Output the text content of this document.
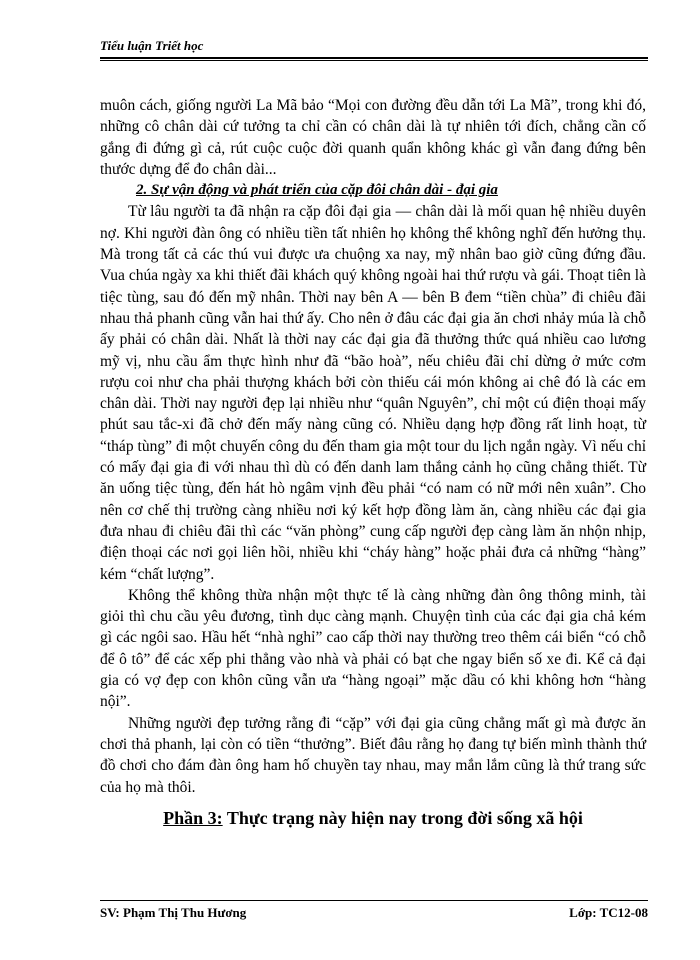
Tiểu luận Triết học

muôn cách, giống người La Mã bảo “Mọi con đường đều dẫn tới La Mã”, trong khi đó, những cô chân dài cứ tưởng ta chỉ cần có chân dài là tự nhiên tới đích, chẳng cần cố gắng đi đứng gì cả, rút cuộc cuộc đời quanh quẩn không khác gì vẫn đang đứng bên thước dựng để đo chân dài...

2. Sự vận động và phát triển của cặp đôi chân dài - đại gia

Từ lâu người ta đã nhận ra cặp đôi đại gia — chân dài là mối quan hệ nhiều duyên nợ. Khi người đàn ông có nhiều tiền tất nhiên họ không thể không nghĩ đến hưởng thụ. Mà trong tất cả các thú vui được ưa chuộng xa nay, mỹ nhân bao giờ cũng đứng đầu. Vua chúa ngày xa khi thiết đãi khách quý không ngoài hai thứ rượu và gái. Thoạt tiên là tiệc tùng, sau đó đến mỹ nhân. Thời nay bên A — bên B đem “tiền chùa” đi chiêu đãi nhau thả phanh cũng vẫn hai thứ ấy. Cho nên ở đâu các đại gia ăn chơi nhảy múa là chỗ ấy phải có chân dài. Nhất là thời nay các đại gia đã thưởng thức quá nhiều cao lương mỹ vị, nhu cầu ẩm thực hình như đã “bão hoà”, nếu chiêu đãi chỉ dừng ở mức cơm rượu coi như cha phải thượng khách bởi còn thiếu cái món không ai chê đó là các em chân dài. Thời nay người đẹp lại nhiều như “quân Nguyên”, chỉ một cú điện thoại mấy phút sau tắc-xi đã chở đến mấy nàng cũng có. Nhiều dạng hợp đồng rất linh hoạt, từ “tháp tùng” đi một chuyến công du đến tham gia một tour du lịch ngắn ngày. Vì nếu chỉ có mấy đại gia đi với nhau thì dù có đến danh lam thắng cảnh họ cũng chẳng thiết. Từ ăn uống tiệc tùng, đến hát hò ngâm vịnh đều phải “có nam có nữ mới nên xuân”. Cho nên cơ chế thị trường càng nhiều nơi ký kết hợp đồng làm ăn, càng nhiều các đại gia đưa nhau đi chiêu đãi thì các “văn phòng” cung cấp người đẹp càng làm ăn nhộn nhịp, điện thoại các nơi gọi liên hồi, nhiều khi “cháy hàng” hoặc phải đưa cả những “hàng” kém “chất lượng”.

Không thể không thừa nhận một thực tế là càng những đàn ông thông minh, tài giỏi thì chu cầu yêu đương, tình dục càng mạnh. Chuyện tình của các đại gia chả kém gì các ngôi sao. Hầu hết “nhà nghỉ” cao cấp thời nay thường treo thêm cái biển “có chỗ để ô tô” để các xếp phi thẳng vào nhà và phải có bạt che ngay biển số xe đi. Kể cả đại gia có vợ đẹp con khôn cũng vẫn ưa “hàng ngoại” mặc dầu có khi không hơn “hàng nội”.

Những người đẹp tưởng rằng đi “cặp” với đại gia cũng chẳng mất gì mà được ăn chơi thả phanh, lại còn có tiền “thưởng”. Biết đâu rằng họ đang tự biến mình thành thứ đồ chơi cho đám đàn ông ham hố chuyền tay nhau, may mắn lắm cũng là thứ trang sức của họ mà thôi.

Phần 3: Thực trạng này hiện nay trong đời sống xã hội
SV: Phạm Thị Thu Hương	Lớp: TC12-08
